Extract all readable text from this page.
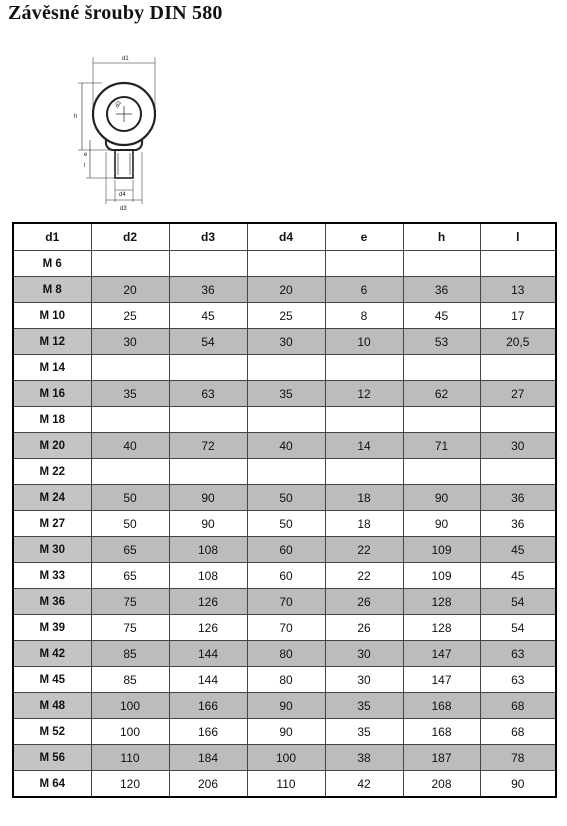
Závěsné šrouby DIN 580
d1
d2
d3
d4
h
e
l
d1	d2	d3	d4	e	h	l
M 6						
M 8	20	36	20	6	36	13
M 10	25	45	25	8	45	17
M 12	30	54	30	10	53	20,5
M 14						
M 16	35	63	35	12	62	27
M 18						
M 20	40	72	40	14	71	30
M 22						
M 24	50	90	50	18	90	36
M 27	50	90	50	18	90	36
M 30	65	108	60	22	109	45
M 33	65	108	60	22	109	45
M 36	75	126	70	26	128	54
M 39	75	126	70	26	128	54
M 42	85	144	80	30	147	63
M 45	85	144	80	30	147	63
M 48	100	166	90	35	168	68
M 52	100	166	90	35	168	68
M 56	110	184	100	38	187	78
M 64	120	206	110	42	208	90
